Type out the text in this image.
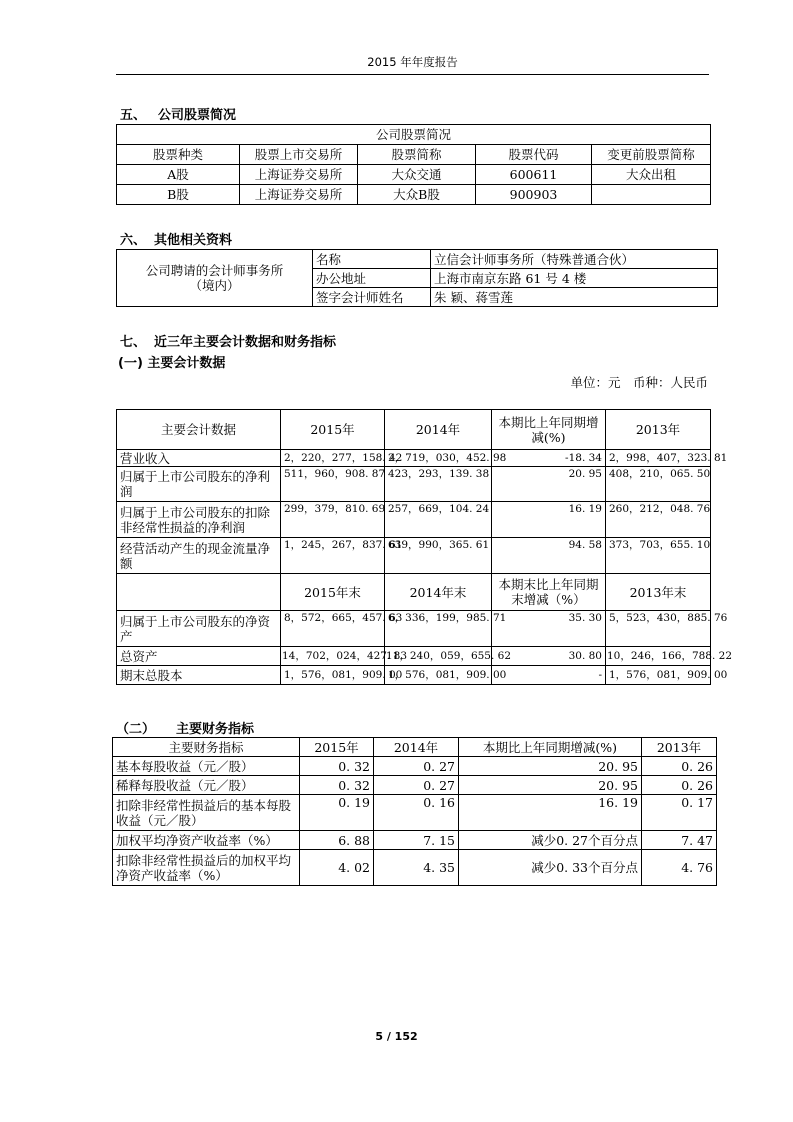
2015 年年度报告
五、 公司股票简况
公司股票简况				
股票种类	股票上市交易所	股票简称	股票代码	变更前股票简称
A股	上海证券交易所	大众交通	600611	大众出租
B股	上海证券交易所	大众B股	900903	
六、 其他相关资料
公司聘请的会计师事务所
（境内）	名称	立信会计师事务所（特殊普通合伙）
	办公地址	上海市南京东路 61 号 4 楼
	签字会计师姓名	朱 颖、蒋雪莲
七、 近三年主要会计数据和财务指标
(一) 主要会计数据
单位：元　币种：人民币
主要会计数据	2015年	2014年	本期比上年同期增减(%)	2013年
营业收入	2，220，277，158. 42	2，719，030，452. 98	-18. 34	2，998，407，323. 81
归属于上市公司股东的净利润	511，960，908. 87	423，293，139. 38	20. 95	408，210，065. 50
归属于上市公司股东的扣除非经常性损益的净利润	299，379，810. 69	257，669，104. 24	16. 19	260，212，048. 76
经营活动产生的现金流量净额	1，245，267，837. 61	639，990，365. 61	94. 58	373，703，655. 10
	2015年末	2014年末	本期末比上年同期末增减（%）	2013年末
归属于上市公司股东的净资产	8，572，665，457. 63	6，336，199，985. 71	35. 30	5，523，430，885. 76
总资产	14，702，024，427. 83	11，240，059，655. 62	30. 80	10，246，166，788. 22
期末总股本	1，576，081，909. 00	1，576，081，909. 00	-	1，576，081，909. 00
（二） 主要财务指标
主要财务指标	2015年	2014年	本期比上年同期增减(%)	2013年
基本每股收益（元／股）	0. 32	0. 27	20. 95	0. 26
稀释每股收益（元／股）	0. 32	0. 27	20. 95	0. 26
扣除非经常性损益后的基本每股收益（元／股）	0. 19	0. 16	16. 19	0. 17
加权平均净资产收益率（%）	6. 88	7. 15	减少0. 27个百分点	7. 47
扣除非经常性损益后的加权平均净资产收益率（%）	4. 02	4. 35	减少0. 33个百分点	4. 76
5 / 152
